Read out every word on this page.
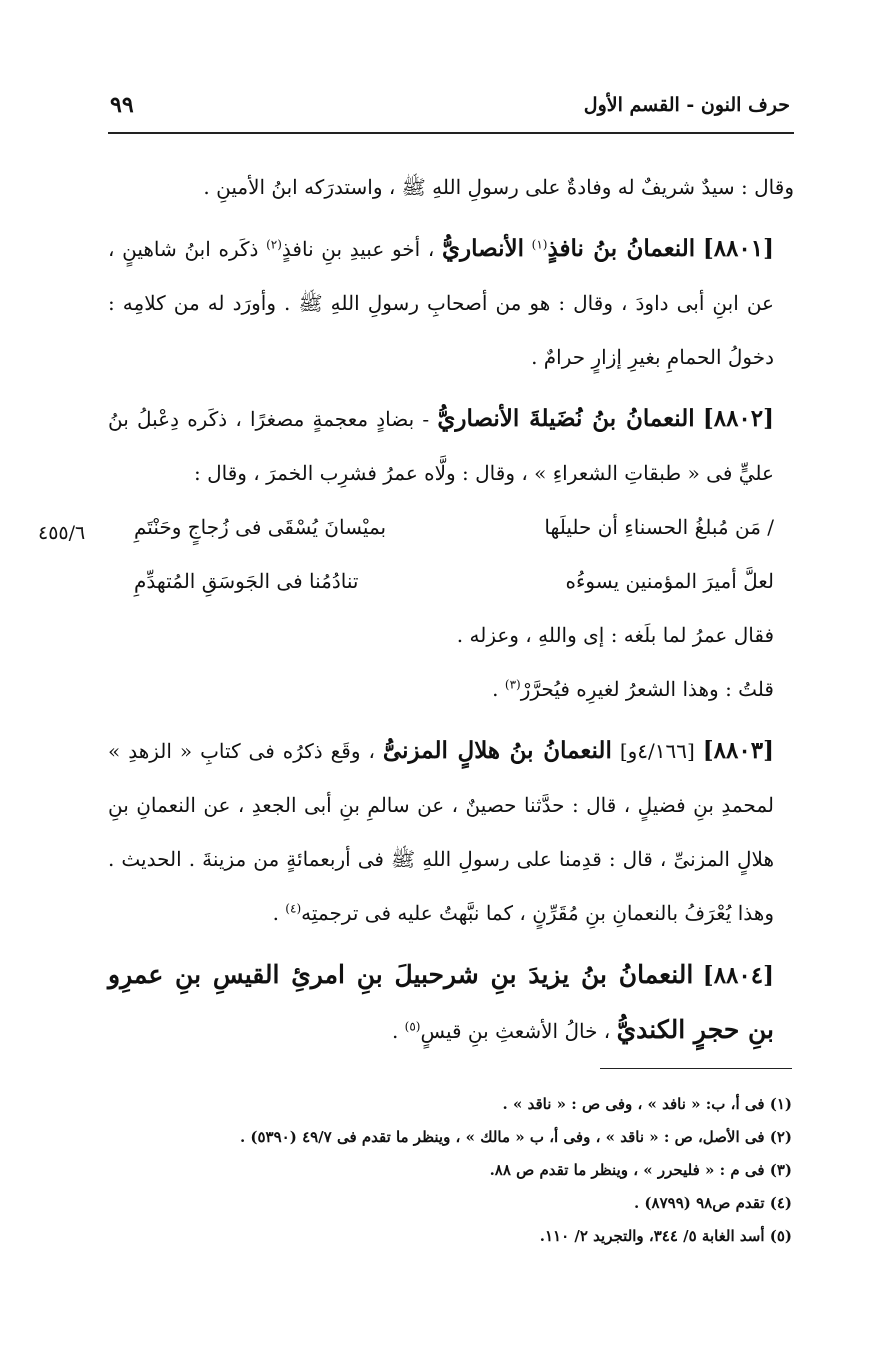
حرف النون - القسم الأول
٩٩
٤٥٥/٦

وقال : سيدٌ شريفٌ له وفادةٌ على رسولِ اللهِ ﷺ ، واستدرَكه ابنُ الأمينِ .

[٨٨٠١] النعمانُ بنُ نافذٍ$^{(١)}$ الأنصاريُّ ، أخو عبيدِ بنِ نافذٍ$^{(٢)}$ ذكَره ابنُ شاهينٍ ، عن ابنِ أبى داودَ ، وقال : هو من أصحابِ رسولِ اللهِ ﷺ . وأورَد له من كلامِه : دخولُ الحمامِ بغيرِ إزارٍ حرامٌ .

[٨٨٠٢] النعمانُ بنُ نُضَيلةَ الأنصاريُّ - بضادٍ معجمةٍ مصغرًا ، ذكَره دِعْبلُ بنُ عليٍّ فى « طبقاتِ الشعراءِ » ، وقال : ولَّاه عمرُ فشرِب الخمرَ ، وقال :

/ مَن مُبلغُ الحسناءِ أن حليلَها
بميْسانَ يُسْقَى فى زُجاجٍ وحَنْتَمِ
لعلَّ أميرَ المؤمنين يسوءُه
تنادُمُنا فى الجَوسَقِ المُتهدِّمِ

فقال عمرُ لما بلَغه : إى واللهِ ، وعزله .

قلتُ : وهذا الشعرُ لغيرِه فيُحرَّرْ$^{(٣)}$ .

[٨٨٠٣] [٤/١٦٦و] النعمانُ بنُ هلالٍ المزنىُّ ، وقَع ذكرُه فى كتابِ « الزهدِ » لمحمدِ بنِ فضيلٍ ، قال : حدَّثنا حصينٌ ، عن سالمِ بنِ أبى الجعدِ ، عن النعمانِ بنِ هلالٍ المزنىِّ ، قال : قدِمنا على رسولِ اللهِ ﷺ فى أربعمائةٍ من مزينةَ . الحديث . وهذا يُعْرَفُ بالنعمانِ بنِ مُقَرِّنٍ ، كما نبَّهتُ عليه فى ترجمتِه$^{(٤)}$ .

[٨٨٠٤] النعمانُ بنُ يزيدَ بنِ شرحبيلَ بنِ امرئِ القيسِ بنِ عمرِو بنِ حجرٍ الكنديُّ ، خالُ الأشعثِ بنِ قيسٍ$^{(٥)}$ .

(١) فى أ، ب: « نافد » ، وفى ص : « ناقد » .

(٢) فى الأصل، ص : « ناقد » ، وفى أ، ب « مالك » ، وينظر ما تقدم فى ٤٩/٧ (٥٣٩٠) .

(٣) فى م : « فليحرر » ، وينظر ما تقدم ص ٨٨.

(٤) تقدم ص٩٨ (٨٧٩٩) .

(٥) أسد الغابة ٥/ ٣٤٤، والتجريد ٢/ ١١٠.
